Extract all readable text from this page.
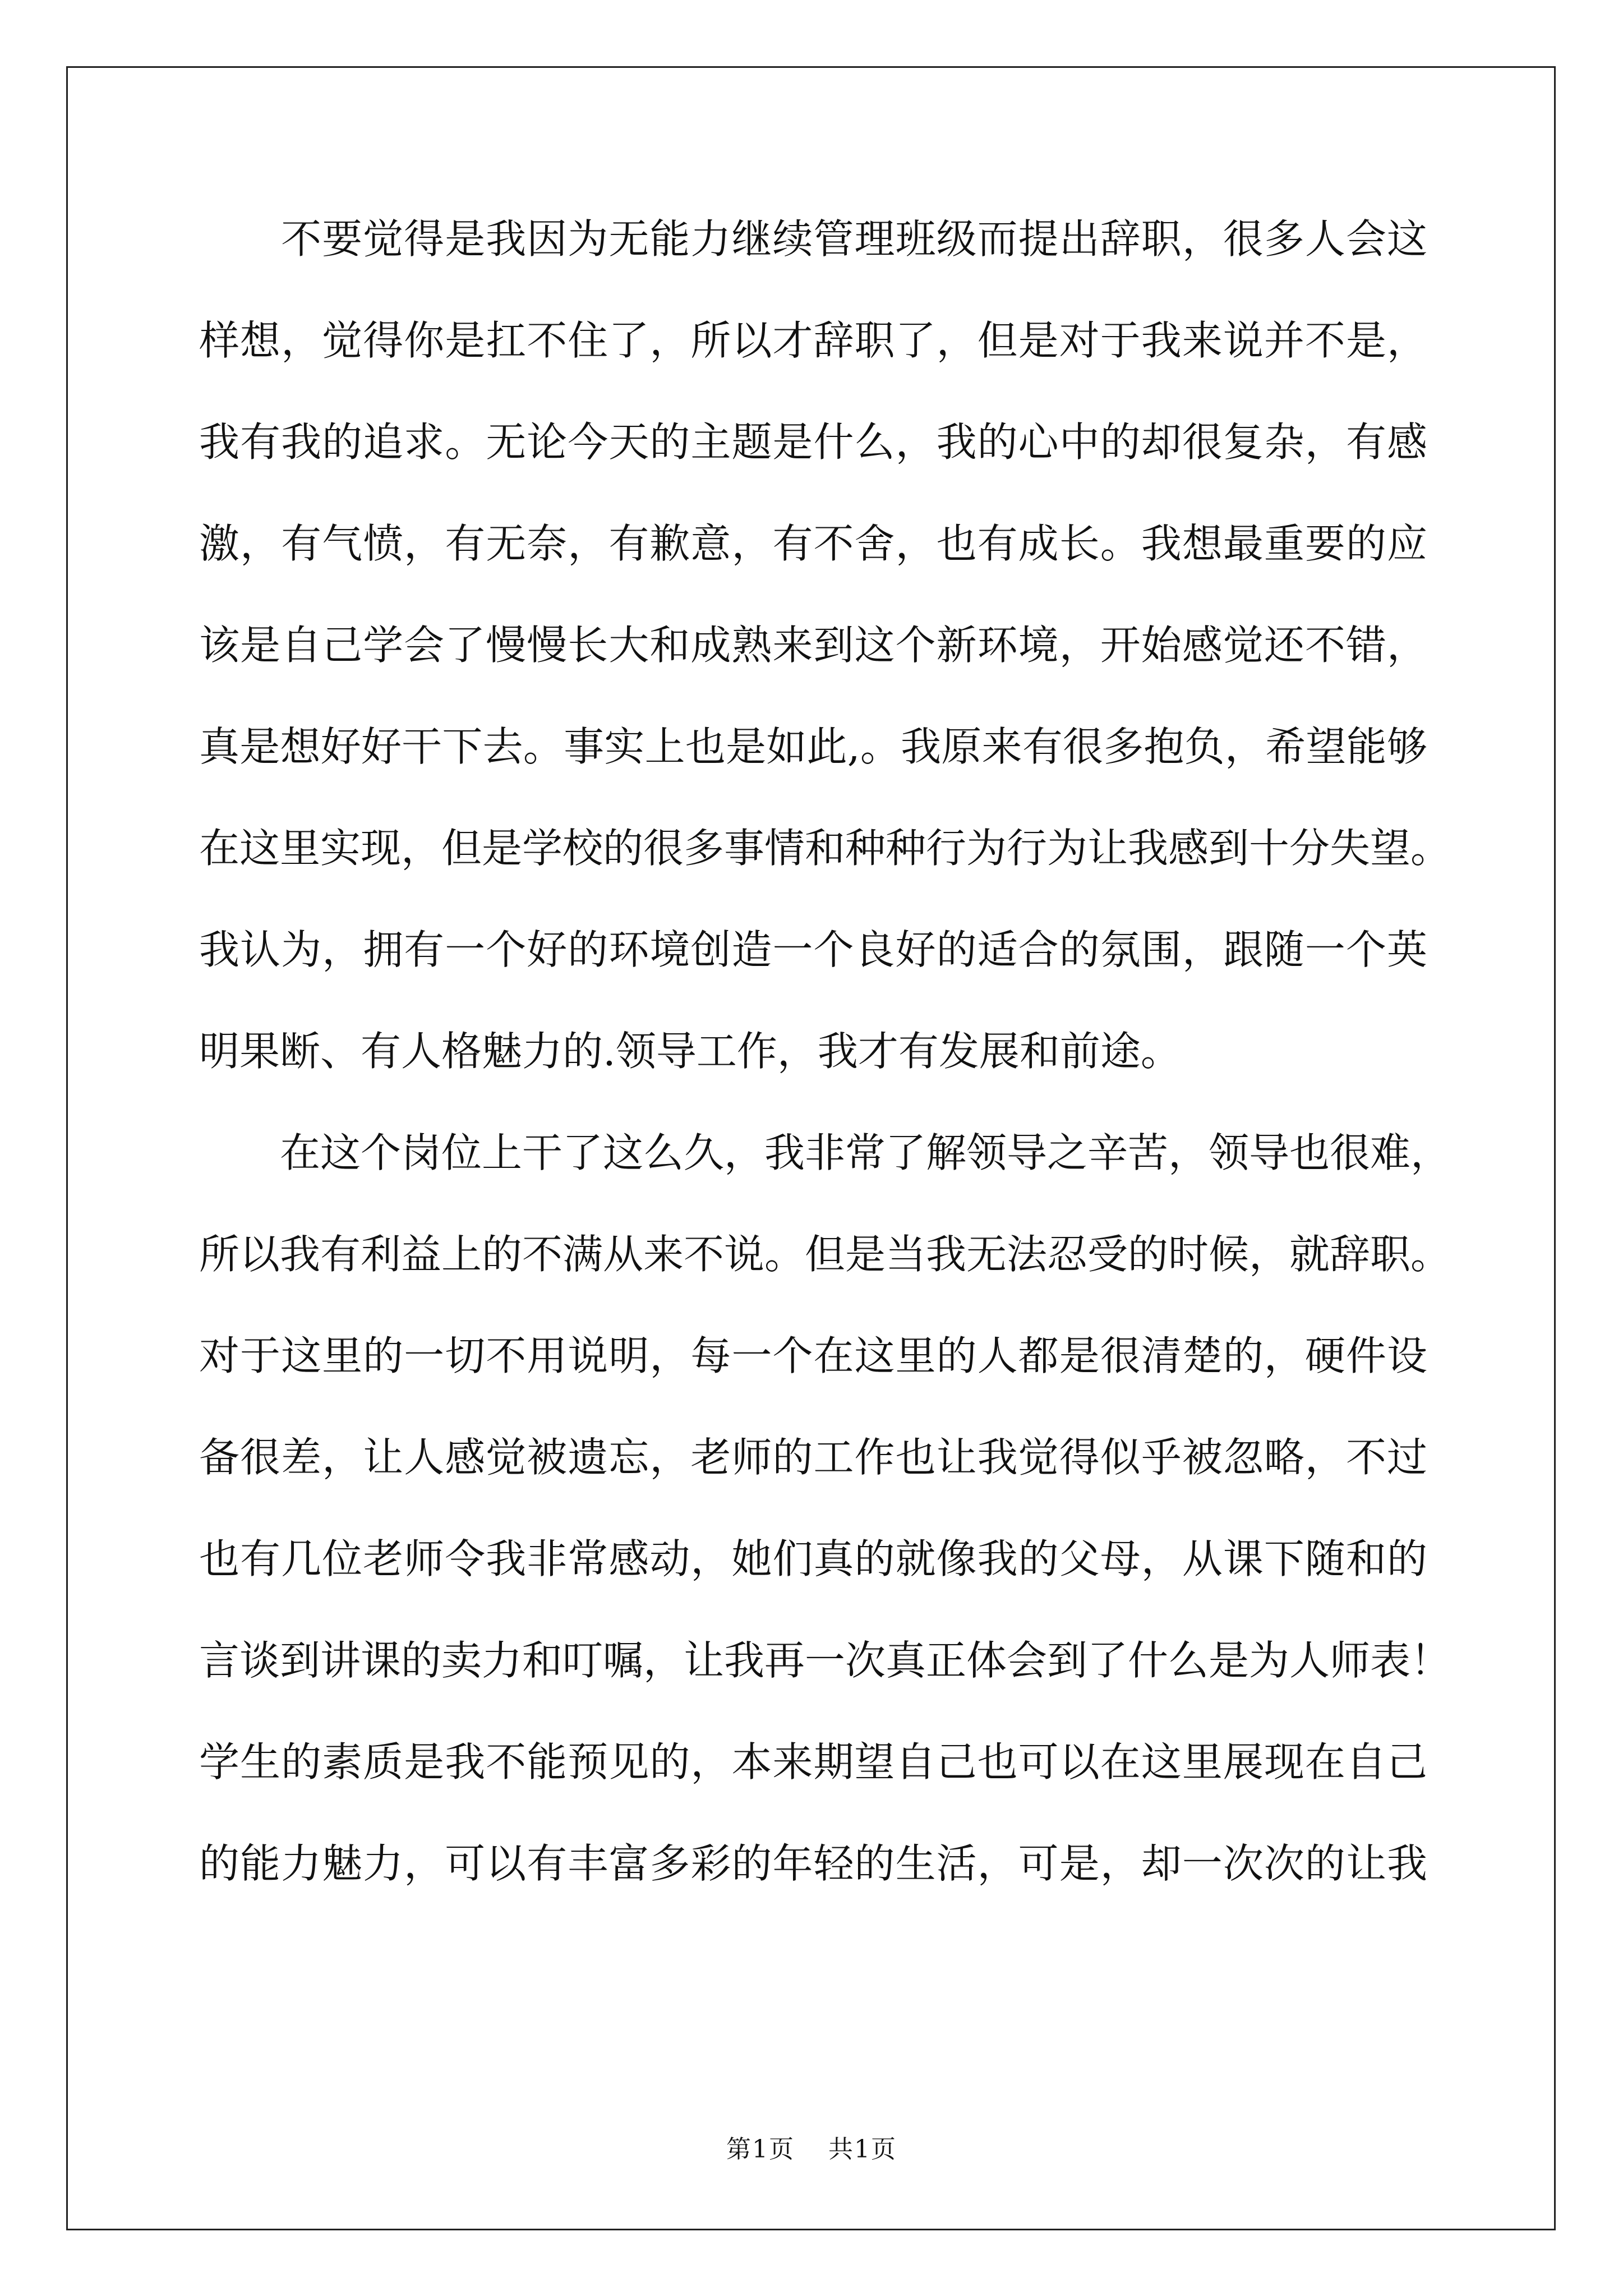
　　不要觉得是我因为无能力继续管理班级而提出辞职，很多人会这
样想，觉得你是扛不住了，所以才辞职了，但是对于我来说并不是，
我有我的追求。无论今天的主题是什么，我的心中的却很复杂，有感
激，有气愤，有无奈，有歉意，有不舍，也有成长。我想最重要的应
该是自己学会了慢慢长大和成熟来到这个新环境，开始感觉还不错，
真是想好好干下去。事实上也是如此,。我原来有很多抱负，希望能够
在这里实现，但是学校的很多事情和种种行为行为让我感到十分失望。
我认为，拥有一个好的环境创造一个良好的适合的氛围，跟随一个英
明果断、有人格魅力的.领导工作，我才有发展和前途。
　　在这个岗位上干了这么久，我非常了解领导之辛苦，领导也很难，
所以我有利益上的不满从来不说。但是当我无法忍受的时候，就辞职。
对于这里的一切不用说明，每一个在这里的人都是很清楚的，硬件设
备很差，让人感觉被遗忘，老师的工作也让我觉得似乎被忽略，不过
也有几位老师令我非常感动，她们真的就像我的父母，从课下随和的
言谈到讲课的卖力和叮嘱，让我再一次真正体会到了什么是为人师表！
学生的素质是我不能预见的，本来期望自己也可以在这里展现在自己
的能力魅力，可以有丰富多彩的年轻的生活，可是，却一次次的让我
第1页 共1页
